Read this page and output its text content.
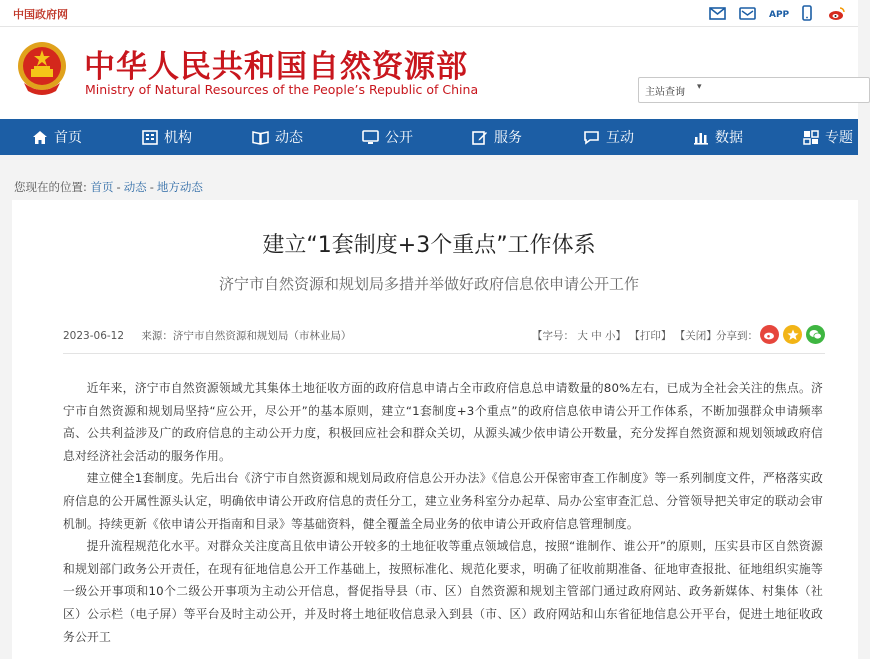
中国政府网	APP
中华人民共和国自然资源部
Ministry of Natural Resources of the People’s Republic of China	主站查询 ▾
首页	机构	动态	公开	服务	互动	数据	专题
您现在的位置: 首页 - 动态 - 地方动态
建立“1套制度+3个重点”工作体系
济宁市自然资源和规划局多措并举做好政府信息依申请公开工作
2023-06-12 来源：济宁市自然资源和规划局（市林业局）	【字号： 大 中 小】 【打印】 【关闭】 分享到：

近年来，济宁市自然资源领域尤其集体土地征收方面的政府信息申请占全市政府信息总申请数量的80%左右，已成为全社会关注的焦点。济宁市自然资源和规划局坚持“应公开，尽公开”的基本原则，建立“1套制度+3个重点”的政府信息依申请公开工作体系，不断加强群众申请频率高、公共利益涉及广的政府信息的主动公开力度，积极回应社会和群众关切，从源头减少依申请公开数量，充分发挥自然资源和规划领域政府信息对经济社会活动的服务作用。

建立健全1套制度。先后出台《济宁市自然资源和规划局政府信息公开办法》《信息公开保密审查工作制度》等一系列制度文件，严格落实政府信息的公开属性源头认定，明确依申请公开政府信息的责任分工，建立业务科室分办起草、局办公室审查汇总、分管领导把关审定的联动会审机制。持续更新《依申请公开指南和目录》等基础资料，健全覆盖全局业务的依申请公开政府信息管理制度。

提升流程规范化水平。对群众关注度高且依申请公开较多的土地征收等重点领域信息，按照“谁制作、谁公开”的原则，压实县市区自然资源和规划部门政务公开责任，在现有征地信息公开工作基础上，按照标准化、规范化要求，明确了征收前期准备、征地审查报批、征地组织实施等一级公开事项和10个二级公开事项为主动公开信息，督促指导县（市、区）自然资源和规划主管部门通过政府网站、政务新媒体、村集体（社区）公示栏（电子屏）等平台及时主动公开，并及时将土地征收信息录入到县（市、区）政府网站和山东省征地信息公开平台，促进土地征收政务公开工
